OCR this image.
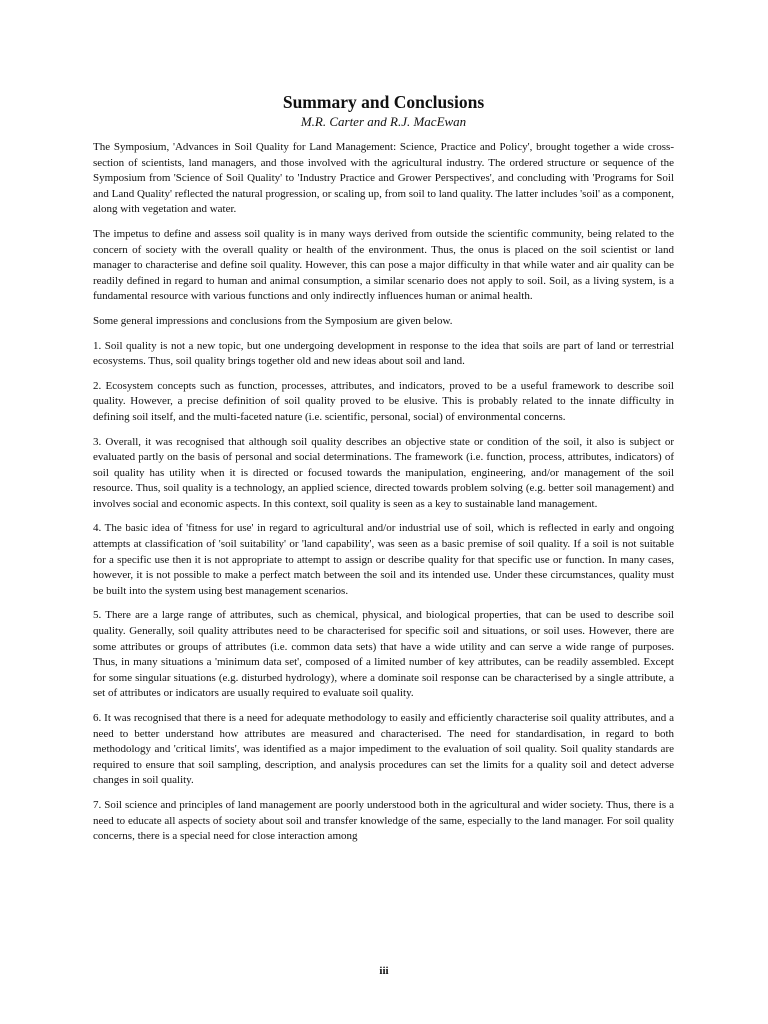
Summary and Conclusions
M.R. Carter and R.J. MacEwan

The Symposium, 'Advances in Soil Quality for Land Management: Science, Practice and Policy', brought together a wide cross-section of scientists, land managers, and those involved with the agricultural industry. The ordered structure or sequence of the Symposium from 'Science of Soil Quality' to 'Industry Practice and Grower Perspectives', and concluding with 'Programs for Soil and Land Quality' reflected the natural progression, or scaling up, from soil to land quality. The latter includes 'soil' as a component, along with vegetation and water.

The impetus to define and assess soil quality is in many ways derived from outside the scientific community, being related to the concern of society with the overall quality or health of the environment. Thus, the onus is placed on the soil scientist or land manager to characterise and define soil quality. However, this can pose a major difficulty in that while water and air quality can be readily defined in regard to human and animal consumption, a similar scenario does not apply to soil. Soil, as a living system, is a fundamental resource with various functions and only indirectly influences human or animal health.

Some general impressions and conclusions from the Symposium are given below.

1. Soil quality is not a new topic, but one undergoing development in response to the idea that soils are part of land or terrestrial ecosystems. Thus, soil quality brings together old and new ideas about soil and land.

2. Ecosystem concepts such as function, processes, attributes, and indicators, proved to be a useful framework to describe soil quality. However, a precise definition of soil quality proved to be elusive. This is probably related to the innate difficulty in defining soil itself, and the multi-faceted nature (i.e. scientific, personal, social) of environmental concerns.

3. Overall, it was recognised that although soil quality describes an objective state or condition of the soil, it also is subject or evaluated partly on the basis of personal and social determinations. The framework (i.e. function, process, attributes, indicators) of soil quality has utility when it is directed or focused towards the manipulation, engineering, and/or management of the soil resource. Thus, soil quality is a technology, an applied science, directed towards problem solving (e.g. better soil management) and involves social and economic aspects. In this context, soil quality is seen as a key to sustainable land management.

4. The basic idea of 'fitness for use' in regard to agricultural and/or industrial use of soil, which is reflected in early and ongoing attempts at classification of 'soil suitability' or 'land capability', was seen as a basic premise of soil quality. If a soil is not suitable for a specific use then it is not appropriate to attempt to assign or describe quality for that specific use or function. In many cases, however, it is not possible to make a perfect match between the soil and its intended use. Under these circumstances, quality must be built into the system using best management scenarios.

5. There are a large range of attributes, such as chemical, physical, and biological properties, that can be used to describe soil quality. Generally, soil quality attributes need to be characterised for specific soil and situations, or soil uses. However, there are some attributes or groups of attributes (i.e. common data sets) that have a wide utility and can serve a wide range of purposes. Thus, in many situations a 'minimum data set', composed of a limited number of key attributes, can be readily assembled. Except for some singular situations (e.g. disturbed hydrology), where a dominate soil response can be characterised by a single attribute, a set of attributes or indicators are usually required to evaluate soil quality.

6. It was recognised that there is a need for adequate methodology to easily and efficiently characterise soil quality attributes, and a need to better understand how attributes are measured and characterised. The need for standardisation, in regard to both methodology and 'critical limits', was identified as a major impediment to the evaluation of soil quality. Soil quality standards are required to ensure that soil sampling, description, and analysis procedures can set the limits for a quality soil and detect adverse changes in soil quality.

7. Soil science and principles of land management are poorly understood both in the agricultural and wider society. Thus, there is a need to educate all aspects of society about soil and transfer knowledge of the same, especially to the land manager. For soil quality concerns, there is a special need for close interaction among

iii
